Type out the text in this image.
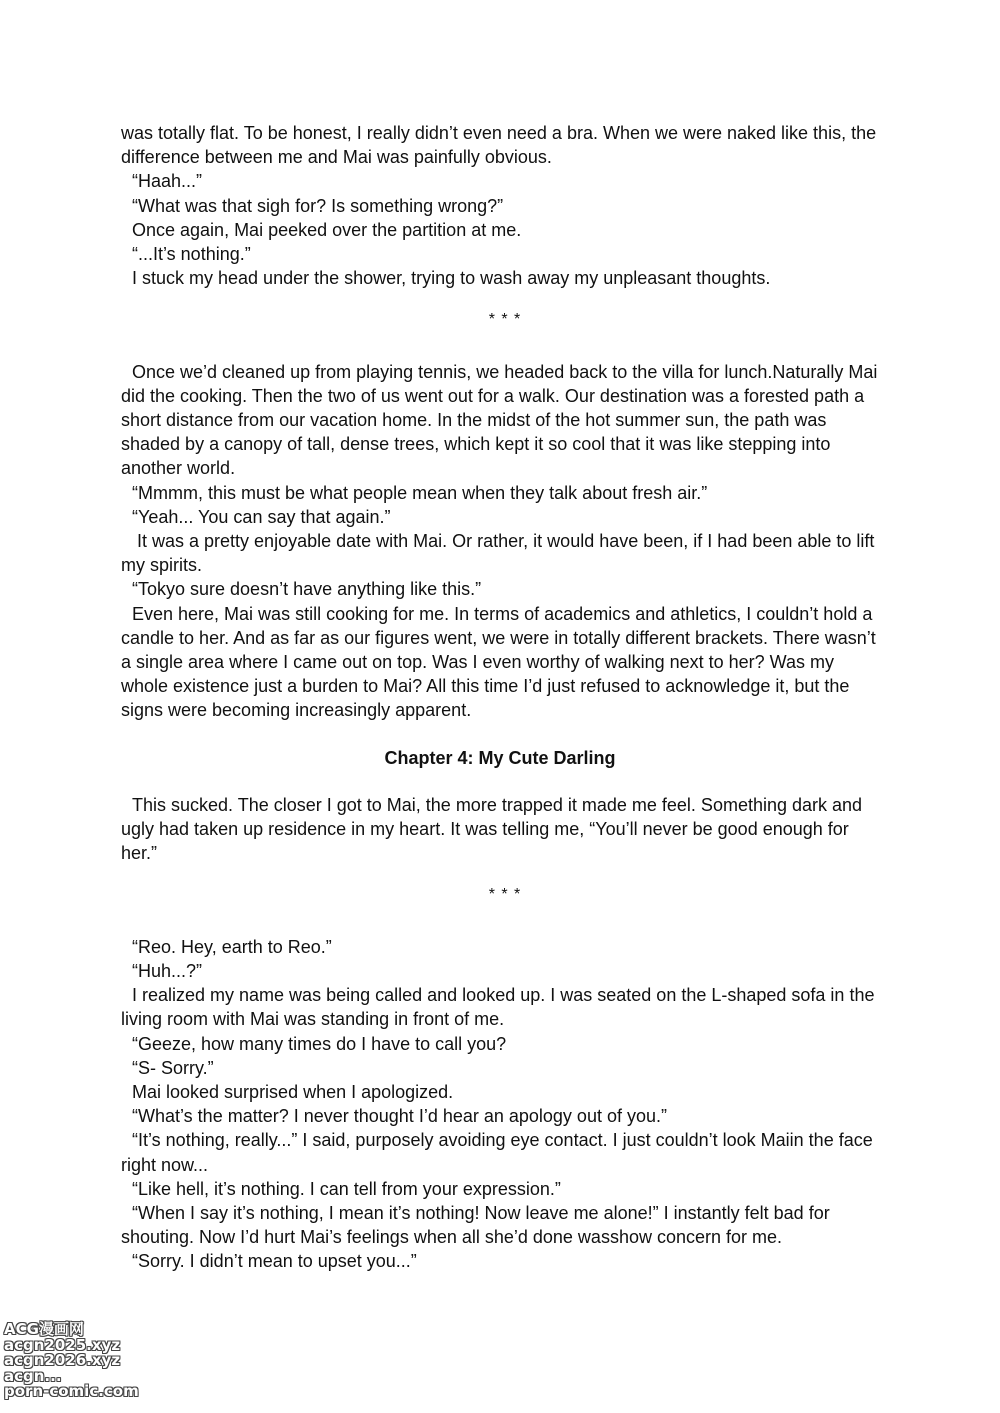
was totally flat. To be honest, I really didn’t even need a bra. When we were naked like this, the difference between me and Mai was painfully obvious.

“Haah...”

“What was that sigh for? Is something wrong?”

Once again, Mai peeked over the partition at me.

“...It’s nothing.”

I stuck my head under the shower, trying to wash away my unpleasant thoughts.

* * *

Once we’d cleaned up from playing tennis, we headed back to the villa for lunch.Naturally Mai did the cooking. Then the two of us went out for a walk. Our destination was a forested path a short distance from our vacation home. In the midst of the hot summer sun, the path was shaded by a canopy of tall, dense trees, which kept it so cool that it was like stepping into another world.

“Mmmm, this must be what people mean when they talk about fresh air.”

“Yeah... You can say that again.”

It was a pretty enjoyable date with Mai. Or rather, it would have been, if I had been able to lift my spirits.

“Tokyo sure doesn’t have anything like this.”

Even here, Mai was still cooking for me. In terms of academics and athletics, I couldn’t hold a candle to her. And as far as our figures went, we were in totally different brackets. There wasn’t a single area where I came out on top. Was I even worthy of walking next to her? Was my whole existence just a burden to Mai? All this time I’d just refused to acknowledge it, but the signs were becoming increasingly apparent.

Chapter 4: My Cute Darling

This sucked. The closer I got to Mai, the more trapped it made me feel. Something dark and ugly had taken up residence in my heart. It was telling me, “You’ll never be good enough for her.”

* * *

“Reo. Hey, earth to Reo.”

“Huh...?”

I realized my name was being called and looked up. I was seated on the L-shaped sofa in the living room with Mai was standing in front of me.

“Geeze, how many times do I have to call you?

“S- Sorry.”

Mai looked surprised when I apologized.

“What’s the matter? I never thought I’d hear an apology out of you.”

“It’s nothing, really...” I said, purposely avoiding eye contact. I just couldn’t look Maiin the face right now...

“Like hell, it’s nothing. I can tell from your expression.”

“When I say it’s nothing, I mean it’s nothing! Now leave me alone!” I instantly felt bad for shouting. Now I’d hurt Mai’s feelings when all she’d done wasshow concern for me.

“Sorry. I didn’t mean to upset you...”

ACG漫画网
acgn2025.xyz
acgn2026.xyz
acgn...
porn-comic.com
